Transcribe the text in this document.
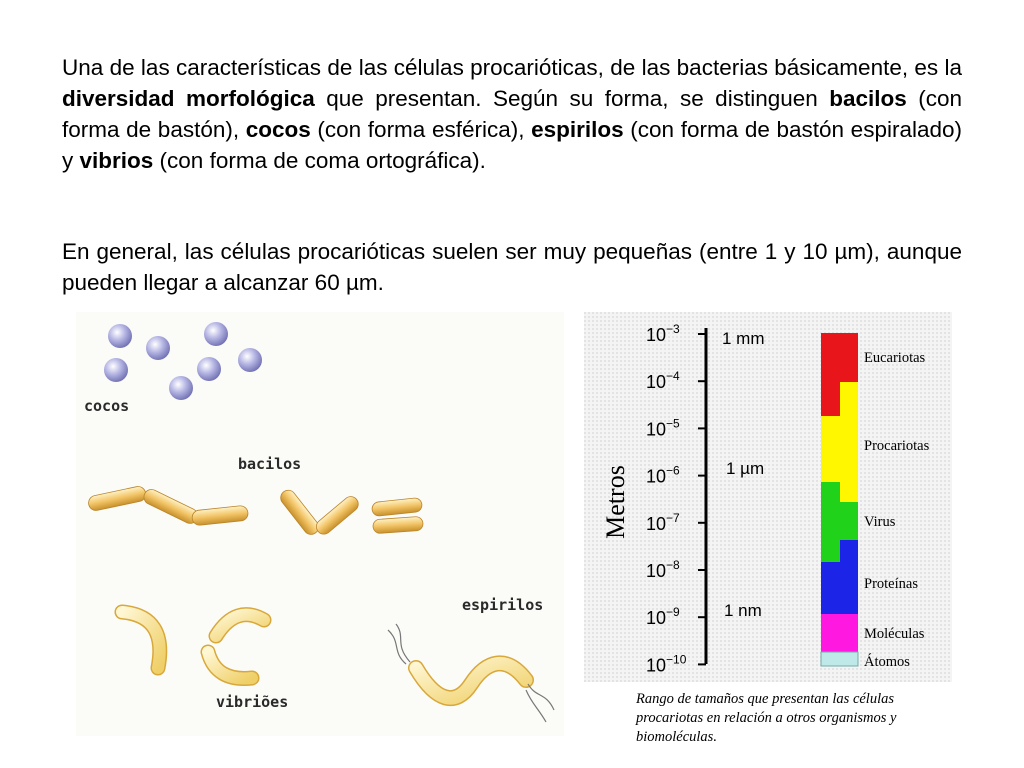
Una de las características de las células procarióticas, de las bacterias básicamente, es la diversidad morfológica que presentan. Según su forma, se distinguen bacilos (con forma de bastón), cocos (con forma esférica), espirilos (con forma de bastón espiralado) y vibrios (con forma de coma ortográfica).

En general, las células procarióticas suelen ser muy pequeñas (entre 1 y 10 µm), aunque pueden llegar a alcanzar 60 µm.

cocos
bacilos
vibriões
espirilos
Metros
$10^{-3}$
$10^{-4}$
$10^{-5}$
$10^{-6}$
$10^{-7}$
$10^{-8}$
$10^{-9}$
$10^{-10}$
1 mm
1 µm
1 nm
Eucariotas
Procariotas
Virus
Proteínas
Moléculas
Átomos
Rango de tamaños que presentan las células procariotas en relación a otros organismos y biomoléculas.
